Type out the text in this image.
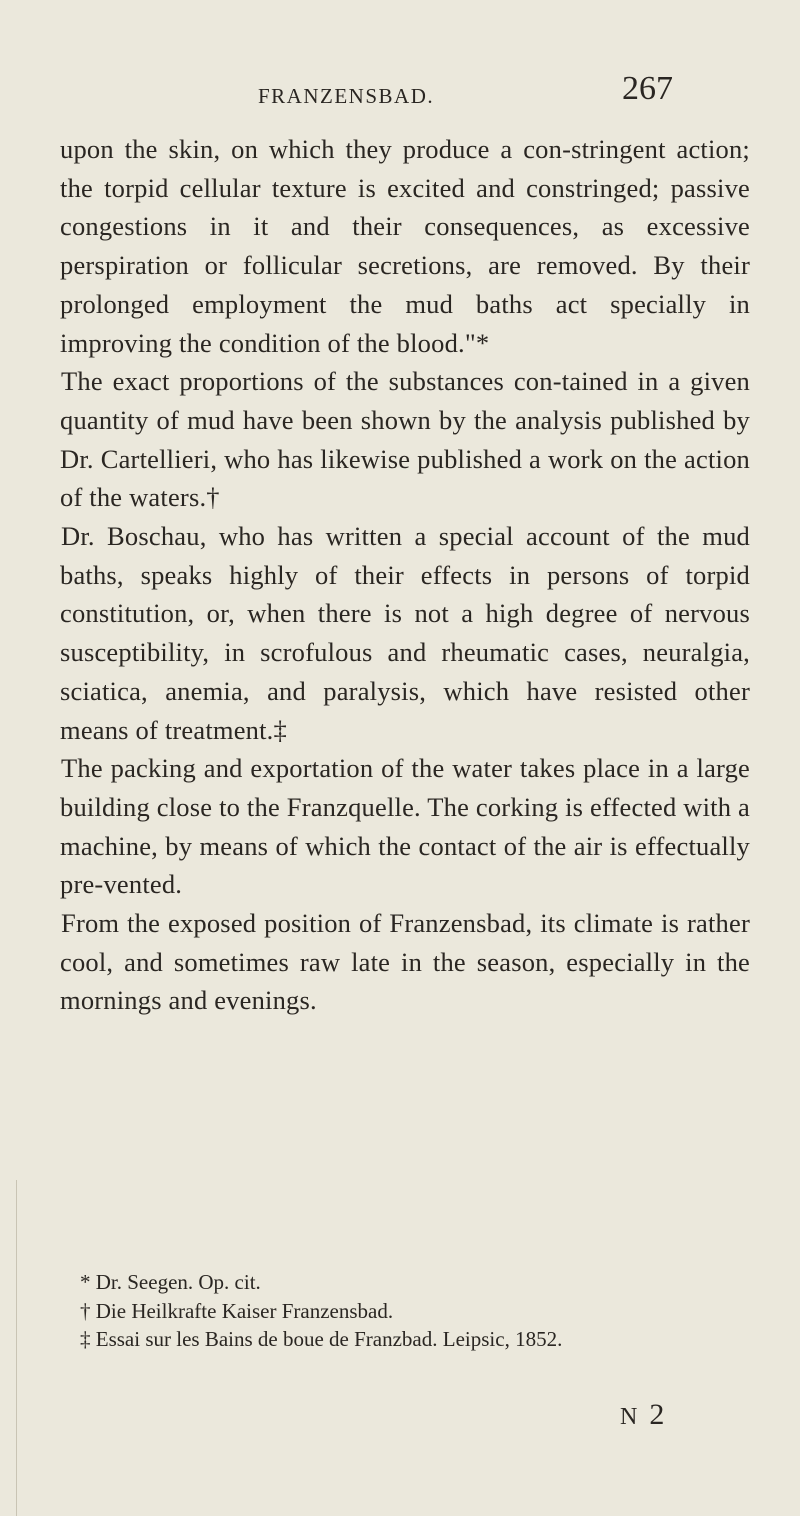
FRANZENSBAD.	267

upon the skin, on which they produce a con-stringent action; the torpid cellular texture is excited and constringed; passive congestions in it and their consequences, as excessive perspiration or follicular secretions, are removed. By their prolonged employment the mud baths act specially in improving the condition of the blood."*

The exact proportions of the substances con-tained in a given quantity of mud have been shown by the analysis published by Dr. Cartellieri, who has likewise published a work on the action of the waters.†

Dr. Boschau, who has written a special account of the mud baths, speaks highly of their effects in persons of torpid constitution, or, when there is not a high degree of nervous susceptibility, in scrofulous and rheumatic cases, neuralgia, sciatica, anemia, and paralysis, which have resisted other means of treatment.‡

The packing and exportation of the water takes place in a large building close to the Franzquelle. The corking is effected with a machine, by means of which the contact of the air is effectually pre-vented.

From the exposed position of Franzensbad, its climate is rather cool, and sometimes raw late in the season, especially in the mornings and evenings.

* Dr. Seegen. Op. cit.
† Die Heilkrafte Kaiser Franzensbad.
‡ Essai sur les Bains de boue de Franzbad. Leipsic, 1852.
N 2
